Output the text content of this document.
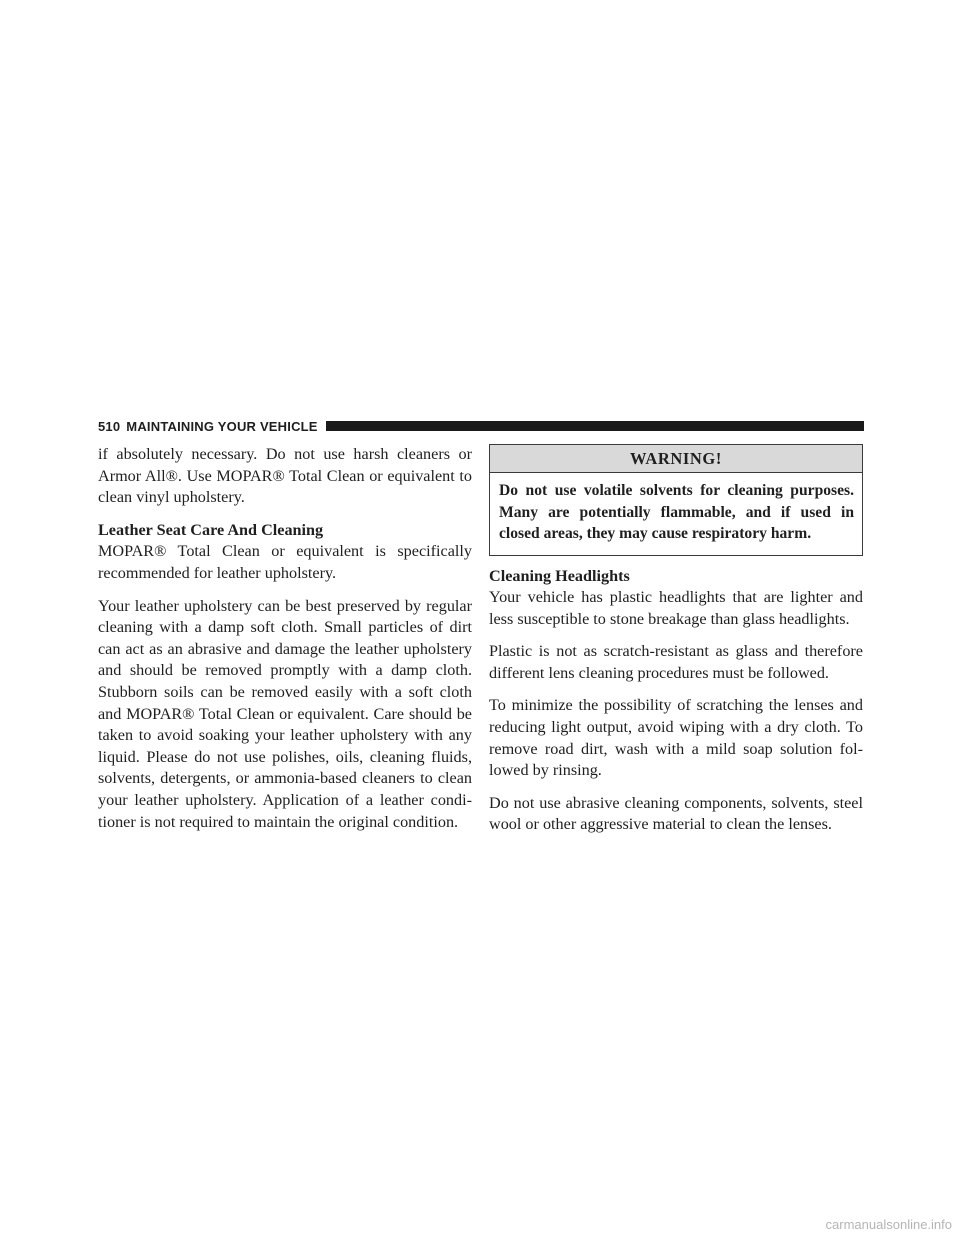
510 MAINTAINING YOUR VEHICLE

if absolutely necessary. Do not use harsh cleaners or Armor All®. Use MOPAR® Total Clean or equivalent to clean vinyl upholstery.

Leather Seat Care And Cleaning

MOPAR® Total Clean or equivalent is specifically recommended for leather upholstery.

Your leather upholstery can be best preserved by regular cleaning with a damp soft cloth. Small particles of dirt can act as an abrasive and damage the leather upholstery and should be removed promptly with a damp cloth. Stubborn soils can be removed easily with a soft cloth and MOPAR® Total Clean or equivalent. Care should be taken to avoid soaking your leather upholstery with any liquid. Please do not use polishes, oils, cleaning fluids, solvents, detergents, or ammonia-based cleaners to clean your leather upholstery. Application of a leather conditioner is not required to maintain the original condition.

WARNING!
Do not use volatile solvents for cleaning purposes. Many are potentially flammable, and if used in closed areas, they may cause respiratory harm.
Cleaning Headlights

Your vehicle has plastic headlights that are lighter and less susceptible to stone breakage than glass headlights.

Plastic is not as scratch-resistant as glass and therefore different lens cleaning procedures must be followed.

To minimize the possibility of scratching the lenses and reducing light output, avoid wiping with a dry cloth. To remove road dirt, wash with a mild soap solution followed by rinsing.

Do not use abrasive cleaning components, solvents, steel wool or other aggressive material to clean the lenses.

carmanualsonline.info
